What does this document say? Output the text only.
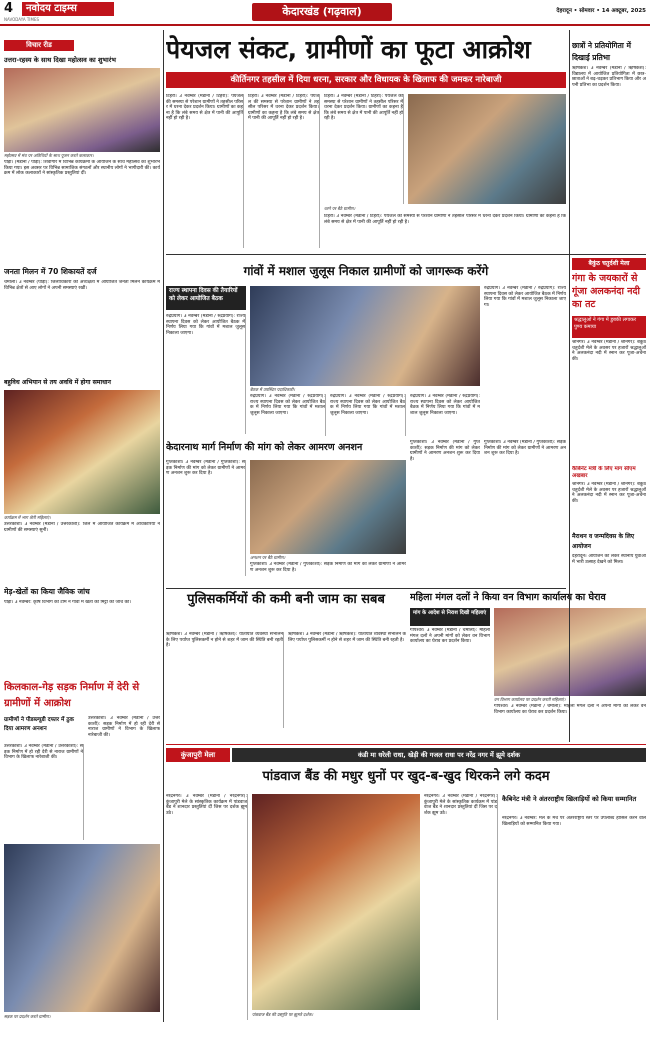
4	नवोदय टाइम्स
NAVODAYA TIMES
केदारखंड (गढ़वाल)	देहरादून • सोमवार • 14 अक्टूबर, 2025
विचार रीड
उत्तरा-रहस्य के साथ दिखा महोत्सव का शुभारंभ
महोत्सव में मंच पर अतिथियों के साथ पूजन करते कलाकार।
पौड़ी। (मडाना / पौड़ी): शिवगिरि में विभिन्न कार्यक्रमों के आयोजन के साथ महोत्सव का शुभारंभ किया गया। इस अवसर पर विभिन्न सामाजिक संगठनों और स्थानीय लोगों ने भागीदारी की। कार्यक्रम में लोक कलाकारों ने सांस्कृतिक प्रस्तुतियां दीं।
पेयजल संकट, ग्रामीणों का फूटा आक्रोश
कीर्तिनगर तहसील में दिया धरना, सरकार और विधायक के खिलाफ की जमकर नारेबाजी
टिहरी। 3 नवम्बर (मडाना / टिहरी): पेयजल की समस्या से परेशान ग्रामीणों ने तहसील परिसर में धरना देकर प्रदर्शन किया। ग्रामीणों का कहना है कि लंबे समय से क्षेत्र में पानी की आपूर्ति नहीं हो रही है।
टिहरी। 3 नवम्बर (मडाना / टिहरी): पेयजल की समस्या से परेशान ग्रामीणों ने तहसील परिसर में धरना देकर प्रदर्शन किया। ग्रामीणों का कहना है कि लंबे समय से क्षेत्र में पानी की आपूर्ति नहीं हो रही है।
टिहरी। 3 नवम्बर (मडाना / टिहरी): पेयजल की समस्या से परेशान ग्रामीणों ने तहसील परिसर में धरना देकर प्रदर्शन किया। ग्रामीणों का कहना है कि लंबे समय से क्षेत्र में पानी की आपूर्ति नहीं हो रही है।
धरने पर बैठे ग्रामीण।
टिहरी। 3 नवम्बर (मडाना / टिहरी): पेयजल की समस्या से परेशान ग्रामीणों ने तहसील परिसर में धरना देकर प्रदर्शन किया। ग्रामीणों का कहना है कि लंबे समय से क्षेत्र में पानी की आपूर्ति नहीं हो रही है।
छात्रों ने प्रतियोगिता में दिखाई प्रतिभा
ऋषिकेश। 3 नवम्बर (मडाना / ऋषिकेश): विद्यालय में आयोजित प्रतियोगिता में छात्र-छात्राओं ने बढ़-चढ़कर प्रतिभाग किया और अपनी प्रतिभा का प्रदर्शन किया।
जनता मिलन में 70 शिकायतें दर्ज
चमोली। 3 नवम्बर (पौड़ी): जिलाधिकारी की अध्यक्षता में आयोजित जनता मिलन कार्यक्रम में विभिन्न क्षेत्रों से आए लोगों ने अपनी समस्याएं रखीं।
बहुविध अभियान से तय अवधि में होगा समाधान
कार्यक्रम में भाग लेती महिलाएं।
उत्तरकाशी। 3 नवम्बर (मडाना / उत्तरकाशी): जिले में आयोजित कार्यक्रम में अधिकारियों ने ग्रामीणों की समस्याएं सुनीं।
मेड़-खेतों का किया जैविक जांच
पौड़ी। 3 नवम्बर: कृषि विभाग की टीम ने गांवों में खेतों की मिट्टी की जांच की।
गांवों में मशाल जुलूस निकाल ग्रामीणों को जागरूक करेंगे
राज्य स्थापना दिवस की तैयारियों को लेकर आयोजित बैठक
रुद्रप्रयाग। 3 नवम्बर (मडाना / रुद्रप्रयाग): राज्य स्थापना दिवस को लेकर आयोजित बैठक में निर्णय लिया गया कि गांवों में मशाल जुलूस निकाला जाएगा।
बैठक में उपस्थित पदाधिकारी।
रुद्रप्रयाग। 3 नवम्बर (मडाना / रुद्रप्रयाग): राज्य स्थापना दिवस को लेकर आयोजित बैठक में निर्णय लिया गया कि गांवों में मशाल जुलूस निकाला जाएगा।
रुद्रप्रयाग। 3 नवम्बर (मडाना / रुद्रप्रयाग): राज्य स्थापना दिवस को लेकर आयोजित बैठक में निर्णय लिया गया कि गांवों में मशाल जुलूस निकाला जाएगा।
रुद्रप्रयाग। 3 नवम्बर (मडाना / रुद्रप्रयाग): राज्य स्थापना दिवस को लेकर आयोजित बैठक में निर्णय लिया गया कि गांवों में मशाल जुलूस निकाला जाएगा।
रुद्रप्रयाग। 3 नवम्बर (मडाना / रुद्रप्रयाग): राज्य स्थापना दिवस को लेकर आयोजित बैठक में निर्णय लिया गया कि गांवों में मशाल जुलूस निकाला जाएगा।
केदारनाथ मार्ग निर्माण की मांग को लेकर आमरण अनशन
गुप्तकाशी। 3 नवम्बर (मडाना / गुप्तकाशी): सड़क निर्माण की मांग को लेकर ग्रामीणों ने आमरण अनशन शुरू कर दिया है।
अनशन पर बैठे ग्रामीण।
गुप्तकाशी। 3 नवम्बर (मडाना / गुप्तकाशी): सड़क निर्माण की मांग को लेकर ग्रामीणों ने आमरण अनशन शुरू कर दिया है।
गुप्तकाशी। 3 नवम्बर (मडाना / गुप्तकाशी): सड़क निर्माण की मांग को लेकर ग्रामीणों ने आमरण अनशन शुरू कर दिया है।
गुप्तकाशी। 3 नवम्बर (मडाना / गुप्तकाशी): सड़क निर्माण की मांग को लेकर ग्रामीणों ने आमरण अनशन शुरू कर दिया है।
बैकुंठ चतुर्दशी मेला
गंगा के जयकारों से गूंजा अलकनंदा नदी का तट
श्रद्धालुओं ने गंगा में डुबकी लगाकर पुण्य कमाया
श्रीनगर। 3 नवम्बर (मडाना / श्रीनगर): बैकुंठ चतुर्दशी मेले के अवसर पर हजारों श्रद्धालुओं ने अलकनंदा नदी में स्नान कर पूजा-अर्चना की।
कैबिनेट मंत्री के लिए मांग सीएम अखबार
श्रीनगर। 3 नवम्बर (मडाना / श्रीनगर): बैकुंठ चतुर्दशी मेले के अवसर पर हजारों श्रद्धालुओं ने अलकनंदा नदी में स्नान कर पूजा-अर्चना की।
मैराथन व जन्मदिवस के लिए आयोजन
देहरादून। आयोजन को लेकर स्थानीय युवाओं में भारी उत्साह देखने को मिला।
पुलिसकर्मियों की कमी बनी जाम का सबब
ऋषिकेश। 3 नवम्बर (मडाना / ऋषिकेश): यातायात व्यवस्था संभालने के लिए पर्याप्त पुलिसकर्मी न होने से शहर में जाम की स्थिति बनी रहती है।
ऋषिकेश। 3 नवम्बर (मडाना / ऋषिकेश): यातायात व्यवस्था संभालने के लिए पर्याप्त पुलिसकर्मी न होने से शहर में जाम की स्थिति बनी रहती है।
महिला मंगल दलों ने किया वन विभाग कार्यालय का घेराव
मांग के आदेश से निराश दिखी महिलाएं
गोपेश्वर। 3 नवम्बर (मडाना / चमोली): महिला मंगल दलों ने अपनी मांगों को लेकर वन विभाग कार्यालय का घेराव कर प्रदर्शन किया।
वन विभाग कार्यालय पर प्रदर्शन करती महिलाएं।
गोपेश्वर। 3 नवम्बर (मडाना / चमोली): महिला मंगल दलों ने अपनी मांगों को लेकर वन विभाग कार्यालय का घेराव कर प्रदर्शन किया।
किलकाल-गेड़ सड़क निर्माण में देरी से ग्रामीणों में आक्रोश
ग्रामीणों ने पीडब्ल्यूडी दफ्तर में ठुक दिया आमरण अनशन
उत्तरकाशी। 3 नवम्बर (मडाना / उत्तरकाशी): सड़क निर्माण में हो रही देरी से नाराज ग्रामीणों ने विभाग के खिलाफ नारेबाजी की।
उत्तरकाशी। 3 नवम्बर (मडाना / उत्तरकाशी): सड़क निर्माण में हो रही देरी से नाराज ग्रामीणों ने विभाग के खिलाफ नारेबाजी की।
सड़क पर प्रदर्शन करते ग्रामीण।
कुंजापुरी मेला	कंडी मा धरेली राधा, खेड़ी की गजल राधा पर नरेंद्र नगर में झूमे दर्शक
पांडवाज बैंड की मधुर धुनों पर खुद-ब-खुद थिरकने लगे कदम
नरेंद्रनगर। 3 नवम्बर (मडाना / नरेंद्रनगर): कुंजापुरी मेले के सांस्कृतिक कार्यक्रम में पांडवाज बैंड ने शानदार प्रस्तुतियां दीं जिस पर दर्शक झूम उठे।
पांडवाज बैंड की प्रस्तुति पर झूमते दर्शक।
नरेंद्रनगर। 3 नवम्बर (मडाना / नरेंद्रनगर): कुंजापुरी मेले के सांस्कृतिक कार्यक्रम में पांडवाज बैंड ने शानदार प्रस्तुतियां दीं जिस पर दर्शक झूम उठे।
कैबिनेट मंत्री ने अंतरराष्ट्रीय खिलाड़ियों को किया सम्मानित
नरेंद्रनगर। 3 नवम्बर: मेले के मंच पर अंतरराष्ट्रीय स्तर पर उपलब्धि हासिल करने वाले खिलाड़ियों को सम्मानित किया गया।
